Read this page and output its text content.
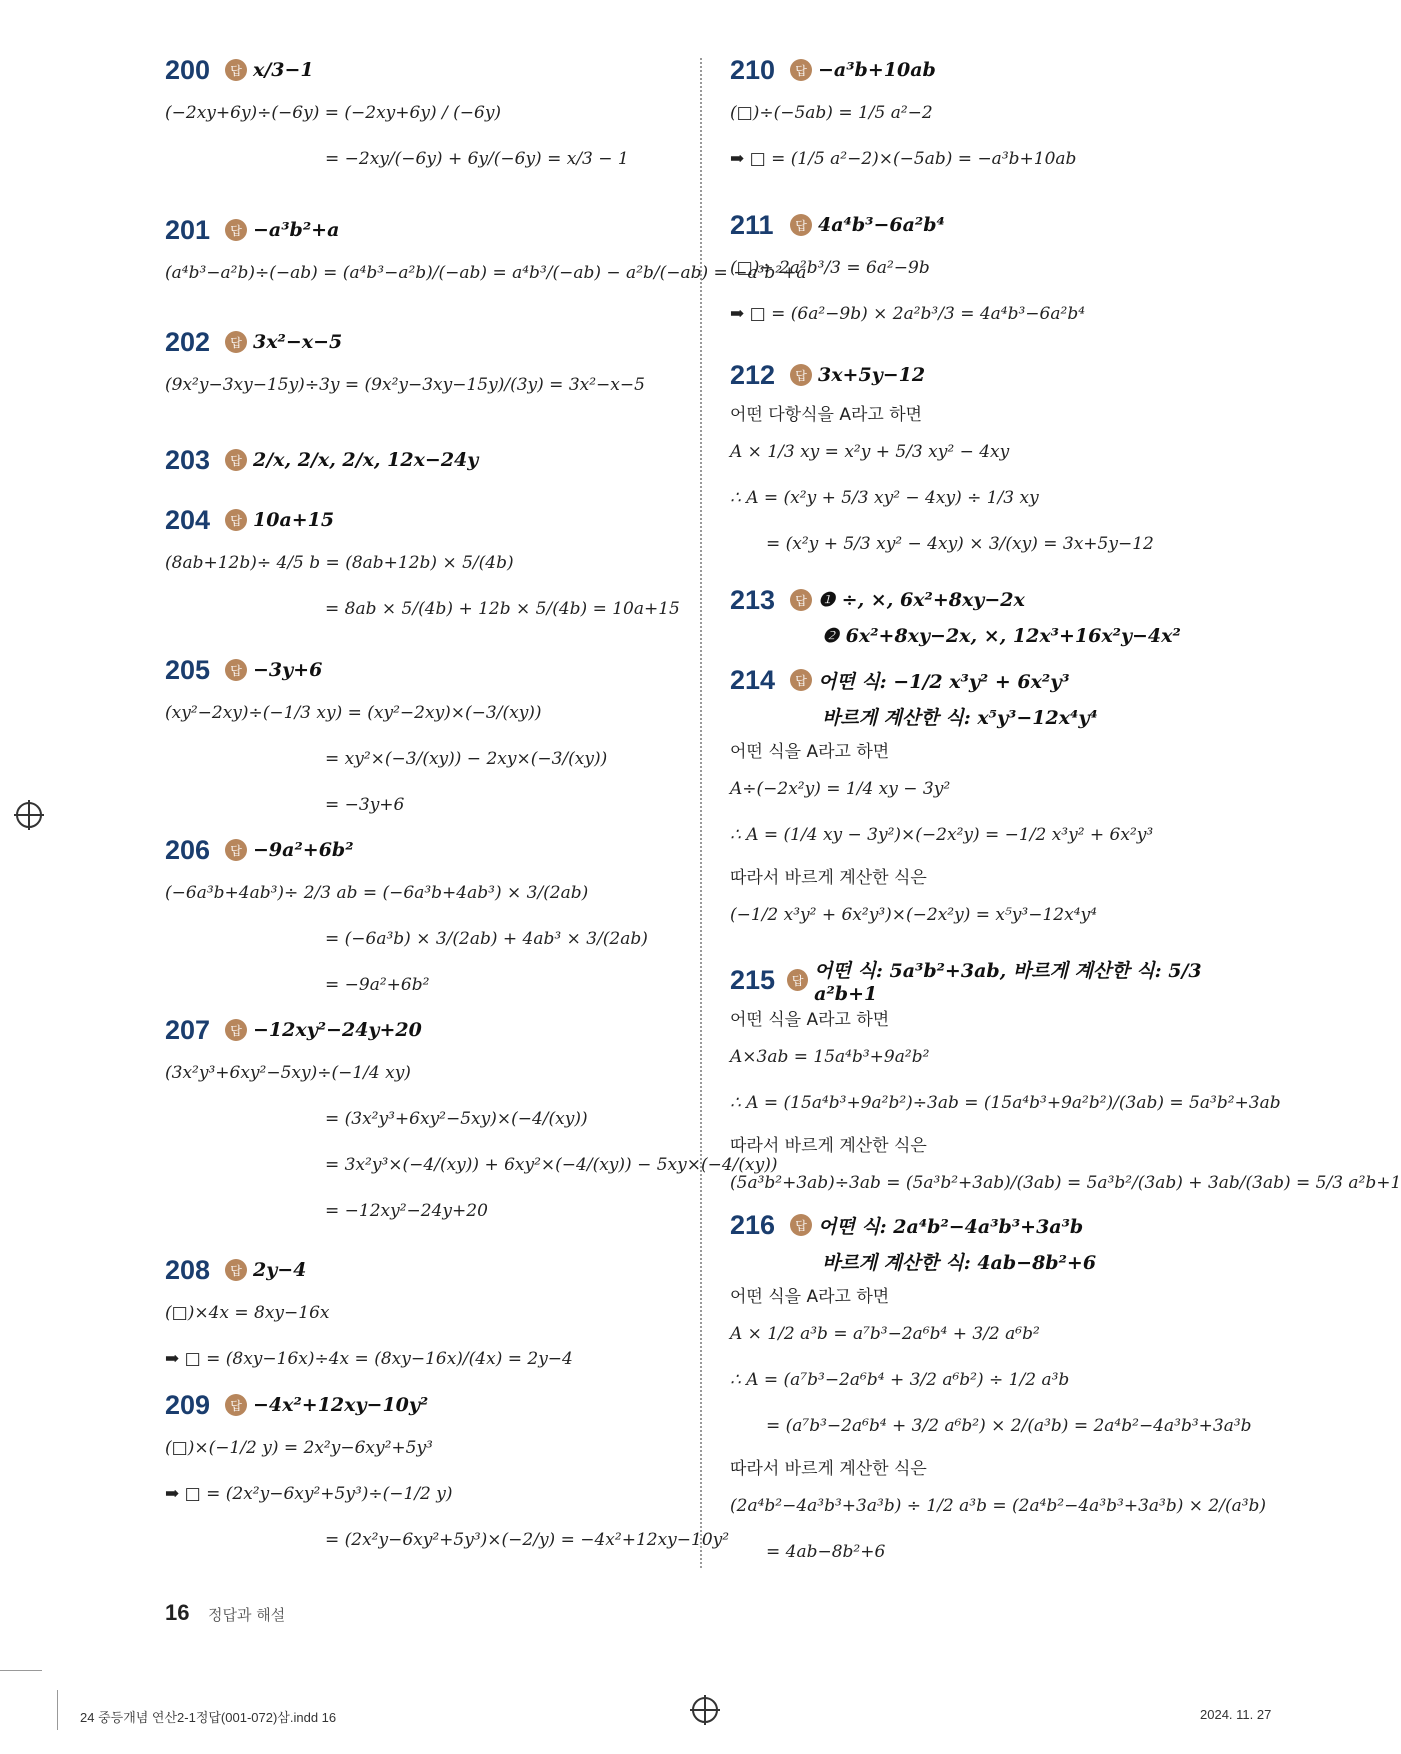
200	답 x/3−1
(−2xy+6y)÷(−6y) = (−2xy+6y) / (−6y)
= −2xy/(−6y) + 6y/(−6y) = x/3 − 1
201	답 −a³b²+a
(a⁴b³−a²b)÷(−ab) = (a⁴b³−a²b)/(−ab) = a⁴b³/(−ab) − a²b/(−ab) = −a³b²+a
202	답 3x²−x−5
(9x²y−3xy−15y)÷3y = (9x²y−3xy−15y)/(3y) = 3x²−x−5
203	답 2/x, 2/x, 2/x, 12x−24y
204	답 10a+15
(8ab+12b)÷ 4/5 b = (8ab+12b) × 5/(4b)
= 8ab × 5/(4b) + 12b × 5/(4b) = 10a+15
205	답 −3y+6
(xy²−2xy)÷(−1/3 xy) = (xy²−2xy)×(−3/(xy))
= xy²×(−3/(xy)) − 2xy×(−3/(xy))
= −3y+6
206	답 −9a²+6b²
(−6a³b+4ab³)÷ 2/3 ab = (−6a³b+4ab³) × 3/(2ab)
= (−6a³b) × 3/(2ab) + 4ab³ × 3/(2ab)
= −9a²+6b²
207	답 −12xy²−24y+20
(3x²y³+6xy²−5xy)÷(−1/4 xy)
= (3x²y³+6xy²−5xy)×(−4/(xy))
= 3x²y³×(−4/(xy)) + 6xy²×(−4/(xy)) − 5xy×(−4/(xy))
= −12xy²−24y+20
208	답 2y−4
(□)×4x = 8xy−16x
➡ □ = (8xy−16x)÷4x = (8xy−16x)/(4x) = 2y−4
209	답 −4x²+12xy−10y²
(□)×(−1/2 y) = 2x²y−6xy²+5y³
➡ □ = (2x²y−6xy²+5y³)÷(−1/2 y)
= (2x²y−6xy²+5y³)×(−2/y) = −4x²+12xy−10y²
210	답 −a³b+10ab
(□)÷(−5ab) = 1/5 a²−2
➡ □ = (1/5 a²−2)×(−5ab) = −a³b+10ab
211	답 4a⁴b³−6a²b⁴
(□)÷ 2a²b³/3 = 6a²−9b
➡ □ = (6a²−9b) × 2a²b³/3 = 4a⁴b³−6a²b⁴
212	답 3x+5y−12
어떤 다항식을 A라고 하면
A × 1/3 xy = x²y + 5/3 xy² − 4xy
∴ A = (x²y + 5/3 xy² − 4xy) ÷ 1/3 xy
= (x²y + 5/3 xy² − 4xy) × 3/(xy) = 3x+5y−12
213	답 ❶ ÷, ×, 6x²+8xy−2x
❷ 6x²+8xy−2x, ×, 12x³+16x²y−4x²
214	답 어떤 식: −1/2 x³y² + 6x²y³
바르게 계산한 식: x⁵y³−12x⁴y⁴
어떤 식을 A라고 하면
A÷(−2x²y) = 1/4 xy − 3y²
∴ A = (1/4 xy − 3y²)×(−2x²y) = −1/2 x³y² + 6x²y³
따라서 바르게 계산한 식은
(−1/2 x³y² + 6x²y³)×(−2x²y) = x⁵y³−12x⁴y⁴
215	답 어떤 식: 5a³b²+3ab, 바르게 계산한 식: 5/3 a²b+1
어떤 식을 A라고 하면
A×3ab = 15a⁴b³+9a²b²
∴ A = (15a⁴b³+9a²b²)÷3ab = (15a⁴b³+9a²b²)/(3ab) = 5a³b²+3ab
따라서 바르게 계산한 식은
(5a³b²+3ab)÷3ab = (5a³b²+3ab)/(3ab) = 5a³b²/(3ab) + 3ab/(3ab) = 5/3 a²b+1
216	답 어떤 식: 2a⁴b²−4a³b³+3a³b
바르게 계산한 식: 4ab−8b²+6
어떤 식을 A라고 하면
A × 1/2 a³b = a⁷b³−2a⁶b⁴ + 3/2 a⁶b²
∴ A = (a⁷b³−2a⁶b⁴ + 3/2 a⁶b²) ÷ 1/2 a³b
= (a⁷b³−2a⁶b⁴ + 3/2 a⁶b²) × 2/(a³b) = 2a⁴b²−4a³b³+3a³b
따라서 바르게 계산한 식은
(2a⁴b²−4a³b³+3a³b) ÷ 1/2 a³b = (2a⁴b²−4a³b³+3a³b) × 2/(a³b)
= 4ab−8b²+6
16 정답과 해설
24 중등개념 연산2-1정답(001-072)삼.indd 16	2024. 11. 27
